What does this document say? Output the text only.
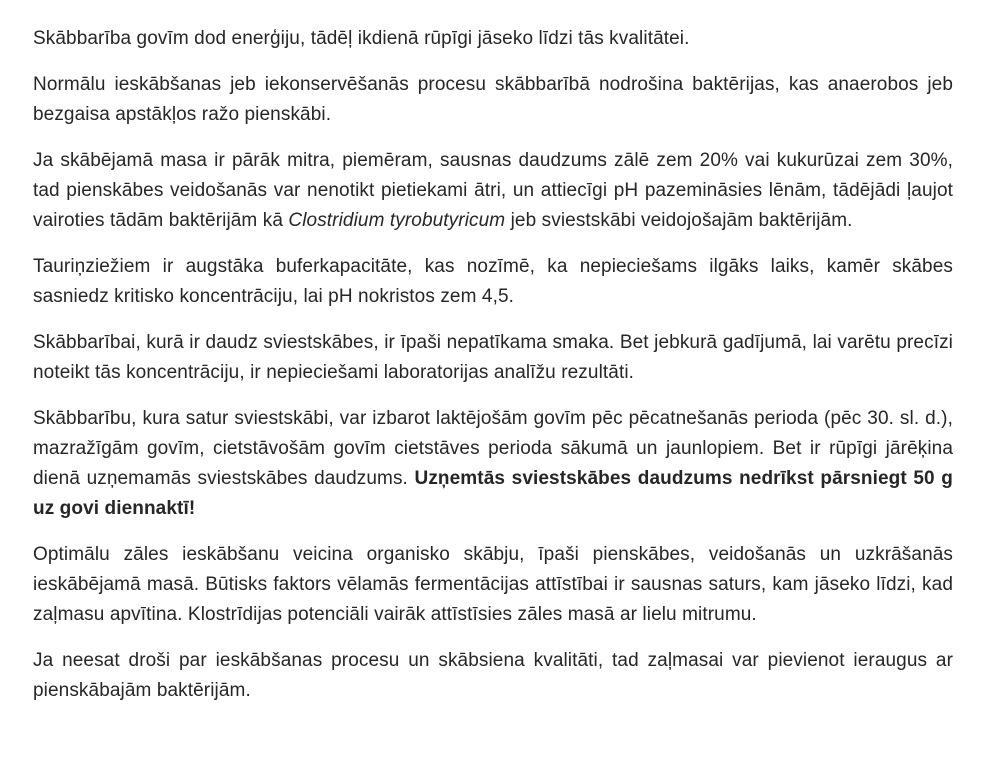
Skābbarība govīm dod enerģiju, tādēļ ikdienā rūpīgi jāseko līdzi tās kvalitātei.

Normālu ieskābšanas jeb iekonservēšanās procesu skābbarībā nodrošina baktērijas, kas anaerobos jeb bezgaisa apstākļos ražo pienskābi.

Ja skābējamā masa ir pārāk mitra, piemēram, sausnas daudzums zālē zem 20% vai kukurūzai zem 30%, tad pienskābes veidošanās var nenotikt pietiekami ātri, un attiecīgi pH pazemināsies lēnām, tādējādi ļaujot vairoties tādām baktērijām kā Clostridium tyrobutyricum jeb sviestskābi veidojošajām baktērijām.

Tauriņziežiem ir augstāka buferkapacitāte, kas nozīmē, ka nepieciešams ilgāks laiks, kamēr skābes sasniedz kritisko koncentrāciju, lai pH nokristos zem 4,5.

Skābbarībai, kurā ir daudz sviestskābes, ir īpaši nepatīkama smaka. Bet jebkurā gadījumā, lai varētu precīzi noteikt tās koncentrāciju, ir nepieciešami laboratorijas analīžu rezultāti.

Skābbarību, kura satur sviestskābi, var izbarot laktējošām govīm pēc pēcatnešanās perioda (pēc 30. sl. d.), mazražīgām govīm, cietstāvošām govīm cietstāves perioda sākumā un jaunlopiem. Bet ir rūpīgi jārēķina dienā uzņemamās sviestskābes daudzums. Uzņemtās sviestskābes daudzums nedrīkst pārsniegt 50 g uz govi diennaktī!

Optimālu zāles ieskābšanu veicina organisko skābju, īpaši pienskābes, veidošanās un uzkrāšanās ieskābējamā masā. Būtisks faktors vēlamās fermentācijas attīstībai ir sausnas saturs, kam jāseko līdzi, kad zaļmasu apvītina. Klostrīdijas potenciāli vairāk attīstīsies zāles masā ar lielu mitrumu.

Ja neesat droši par ieskābšanas procesu un skābsiena kvalitāti, tad zaļmasai var pievienot ieraugus ar pienskābajām baktērijām.
